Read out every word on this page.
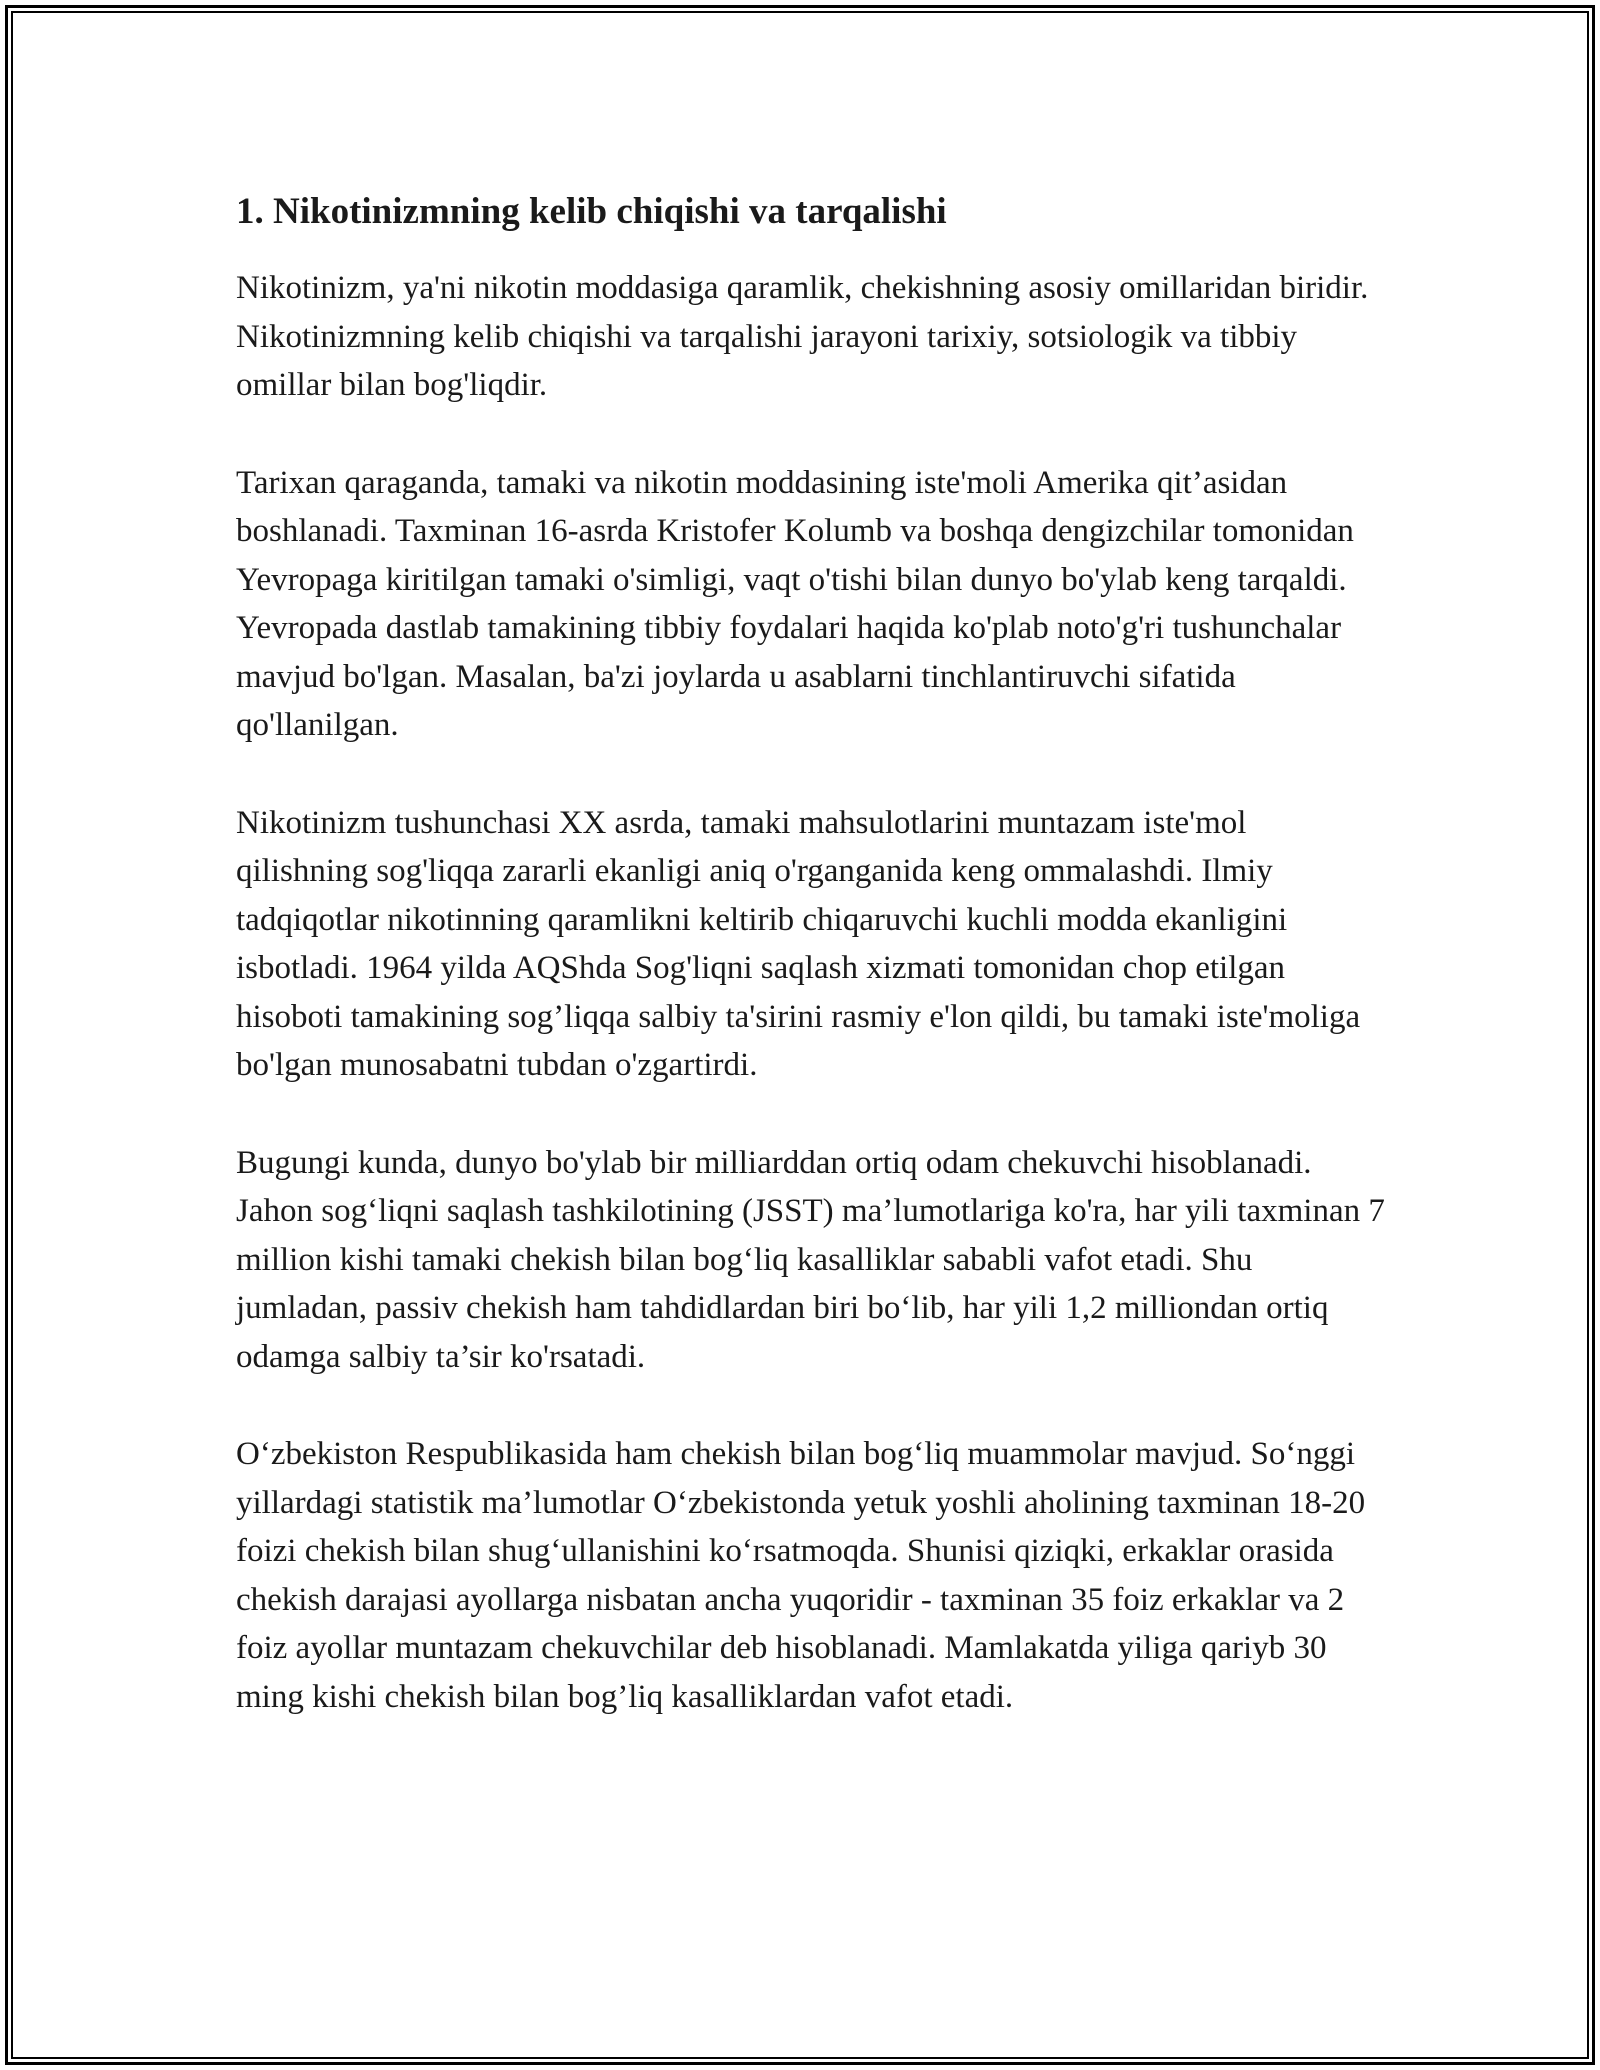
1. Nikotinizmning kelib chiqishi va tarqalishi

Nikotinizm, ya'ni nikotin moddasiga qaramlik, chekishning asosiy omillaridan biridir. Nikotinizmning kelib chiqishi va tarqalishi jarayoni tarixiy, sotsiologik va tibbiy omillar bilan bog'liqdir.

Tarixan qaraganda, tamaki va nikotin moddasining iste'moli Amerika qit’asidan boshlanadi. Taxminan 16-asrda Kristofer Kolumb va boshqa dengizchilar tomonidan Yevropaga kiritilgan tamaki o'simligi, vaqt o'tishi bilan dunyo bo'ylab keng tarqaldi. Yevropada dastlab tamakining tibbiy foydalari haqida ko'plab noto'g'ri tushunchalar mavjud bo'lgan. Masalan, ba'zi joylarda u asablarni tinchlantiruvchi sifatida qo'llanilgan.

Nikotinizm tushunchasi XX asrda, tamaki mahsulotlarini muntazam iste'mol qilishning sog'liqqa zararli ekanligi aniq o'rganganida keng ommalashdi. Ilmiy tadqiqotlar nikotinning qaramlikni keltirib chiqaruvchi kuchli modda ekanligini isbotladi. 1964 yilda AQShda Sog'liqni saqlash xizmati tomonidan chop etilgan hisoboti tamakining sog’liqqa salbiy ta'sirini rasmiy e'lon qildi, bu tamaki iste'moliga bo'lgan munosabatni tubdan o'zgartirdi.

Bugungi kunda, dunyo bo'ylab bir milliarddan ortiq odam chekuvchi hisoblanadi. Jahon sog‘liqni saqlash tashkilotining (JSST) ma’lumotlariga ko'ra, har yili taxminan 7 million kishi tamaki chekish bilan bog‘liq kasalliklar sababli vafot etadi. Shu jumladan, passiv chekish ham tahdidlardan biri bo‘lib, har yili 1,2 milliondan ortiq odamga salbiy ta’sir ko'rsatadi.

O‘zbekiston Respublikasida ham chekish bilan bog‘liq muammolar mavjud. So‘nggi yillardagi statistik ma’lumotlar O‘zbekistonda yetuk yoshli aholining taxminan 18-20 foizi chekish bilan shug‘ullanishini ko‘rsatmoqda. Shunisi qiziqki, erkaklar orasida chekish darajasi ayollarga nisbatan ancha yuqoridir - taxminan 35 foiz erkaklar va 2 foiz ayollar muntazam chekuvchilar deb hisoblanadi. Mamlakatda yiliga qariyb 30 ming kishi chekish bilan bog’liq kasalliklardan vafot etadi.
